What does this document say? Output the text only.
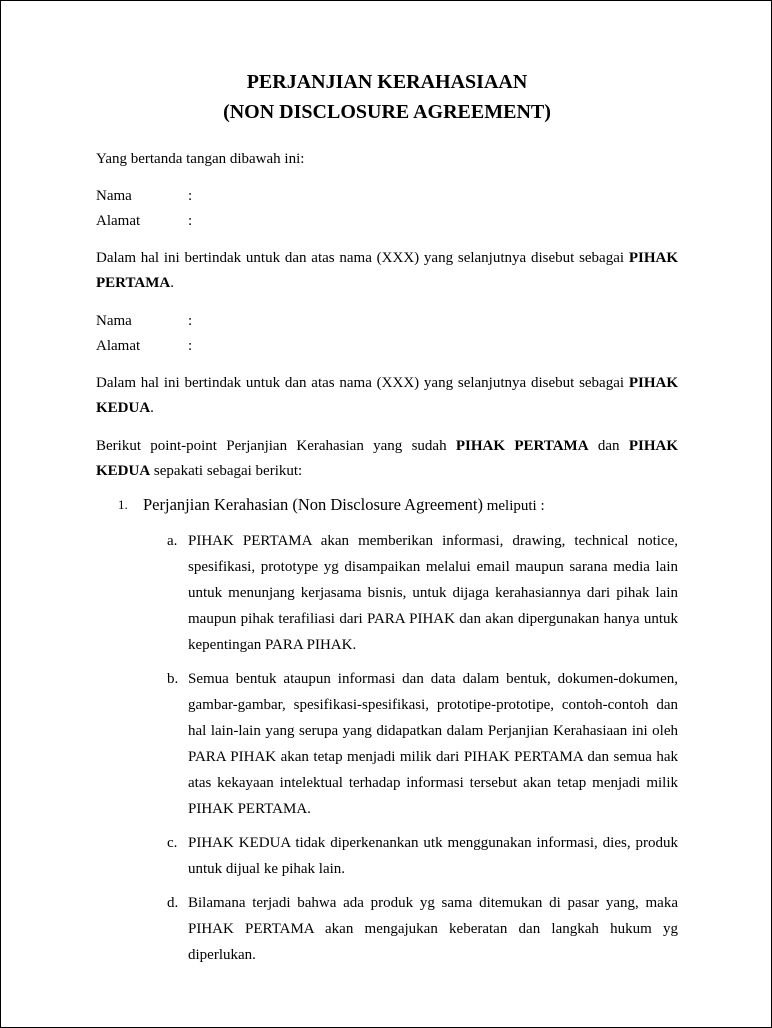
PERJANJIAN KERAHASIAAN

(NON DISCLOSURE AGREEMENT)

Yang bertanda tangan dibawah ini:

Nama	:
Alamat	:

Dalam hal ini bertindak untuk dan atas nama (XXX) yang selanjutnya disebut sebagai PIHAK PERTAMA.

Nama	:
Alamat	:

Dalam hal ini bertindak untuk dan atas nama (XXX) yang selanjutnya disebut sebagai PIHAK KEDUA.

Berikut point-point Perjanjian Kerahasian yang sudah PIHAK PERTAMA dan PIHAK KEDUA sepakati sebagai berikut:

1. Perjanjian Kerahasian (Non Disclosure Agreement) meliputi :
a. PIHAK PERTAMA akan memberikan informasi, drawing, technical notice, spesifikasi, prototype yg disampaikan melalui email maupun sarana media lain untuk menunjang kerjasama bisnis, untuk dijaga kerahasiannya dari pihak lain maupun pihak terafiliasi dari PARA PIHAK dan akan dipergunakan hanya untuk kepentingan PARA PIHAK.
b. Semua bentuk ataupun informasi dan data dalam bentuk, dokumen-dokumen, gambar-gambar, spesifikasi-spesifikasi, prototipe-prototipe, contoh-contoh dan hal lain-lain yang serupa yang didapatkan dalam Perjanjian Kerahasiaan ini oleh PARA PIHAK akan tetap menjadi milik dari PIHAK PERTAMA dan semua hak atas kekayaan intelektual terhadap informasi tersebut akan tetap menjadi milik PIHAK PERTAMA.
c. PIHAK KEDUA tidak diperkenankan utk menggunakan informasi, dies, produk untuk dijual ke pihak lain.
d. Bilamana terjadi bahwa ada produk yg sama ditemukan di pasar yang, maka PIHAK PERTAMA akan mengajukan keberatan dan langkah hukum yg diperlukan.
